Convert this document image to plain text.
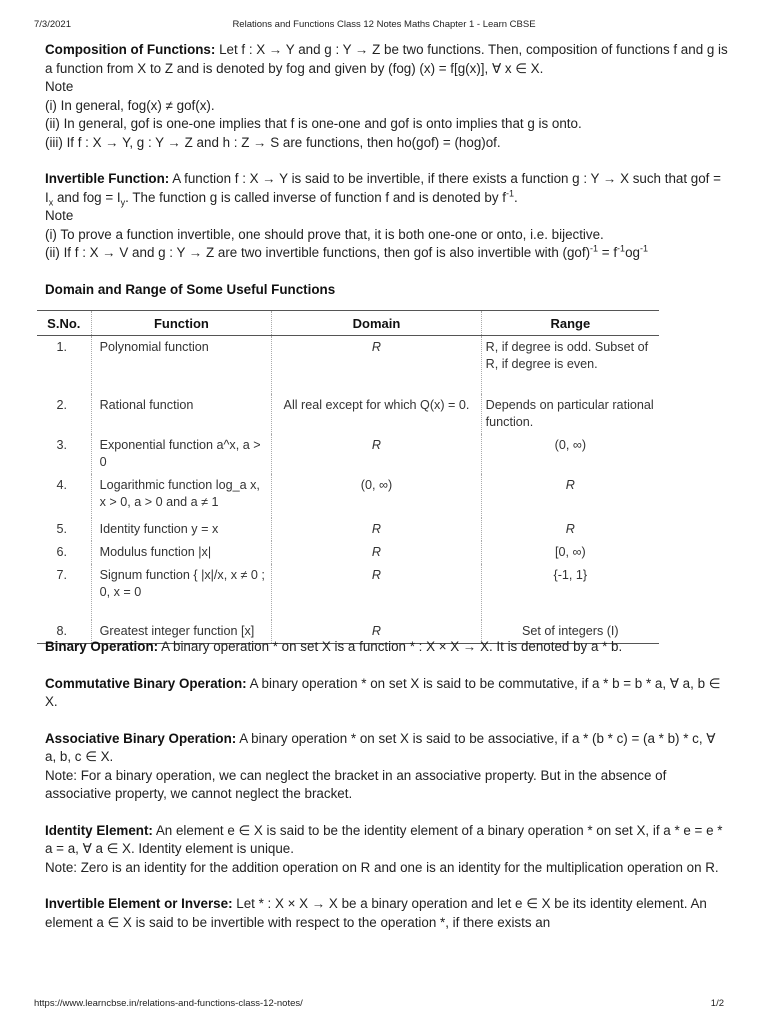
7/3/2021	Relations and Functions Class 12 Notes Maths Chapter 1 - Learn CBSE

Composition of Functions: Let f : X → Y and g : Y → Z be two functions. Then, composition of functions f and g is a function from X to Z and is denoted by fog and given by (fog) (x) = f[g(x)], ∀ x ∈ X.

Note

(i) In general, fog(x) ≠ gof(x).

(ii) In general, gof is one-one implies that f is one-one and gof is onto implies that g is onto.

(iii) If f : X → Y, g : Y → Z and h : Z → S are functions, then ho(gof) = (hog)of.

Invertible Function: A function f : X → Y is said to be invertible, if there exists a function g : Y → X such that gof = $I_x$ and fog = $I_y$. The function g is called inverse of function f and is denoted by $f^{-1}$.

Note

(i) To prove a function invertible, one should prove that, it is both one-one or onto, i.e. bijective.

(ii) If f : X → V and g : Y → Z are two invertible functions, then gof is also invertible with $(gof)^{-1} = f^{-1}og^{-1}$

Domain and Range of Some Useful Functions
S.No.	Function	Domain	Range
1.	Polynomial function	R	R, if degree is odd. Subset of R, if degree is even.
2.	Rational function	All real except for which Q(x) = 0.	Depends on particular rational function.
3.	Exponential function a^x, a > 0	R	(0, ∞)
4.	Logarithmic function log_a x, x > 0, a > 0 and a ≠ 1	(0, ∞)	R
5.	Identity function y = x	R	R
6.	Modulus function |x|	R	[0, ∞)
7.	Signum function { |x|/x, x ≠ 0 ; 0, x = 0	R	{-1, 1}
8.	Greatest integer function [x]	R	Set of integers (I)

Binary Operation: A binary operation * on set X is a function * : X × X → X. It is denoted by a * b.

Commutative Binary Operation: A binary operation * on set X is said to be commutative, if a * b = b * a, ∀ a, b ∈ X.

Associative Binary Operation: A binary operation * on set X is said to be associative, if a * (b * c) = (a * b) * c, ∀ a, b, c ∈ X.

Note: For a binary operation, we can neglect the bracket in an associative property. But in the absence of associative property, we cannot neglect the bracket.

Identity Element: An element e ∈ X is said to be the identity element of a binary operation * on set X, if a * e = e * a = a, ∀ a ∈ X. Identity element is unique.

Note: Zero is an identity for the addition operation on R and one is an identity for the multiplication operation on R.

Invertible Element or Inverse: Let * : X × X → X be a binary operation and let e ∈ X be its identity element. An element a ∈ X is said to be invertible with respect to the operation *, if there exists an

https://www.learncbse.in/relations-and-functions-class-12-notes/	1/2
